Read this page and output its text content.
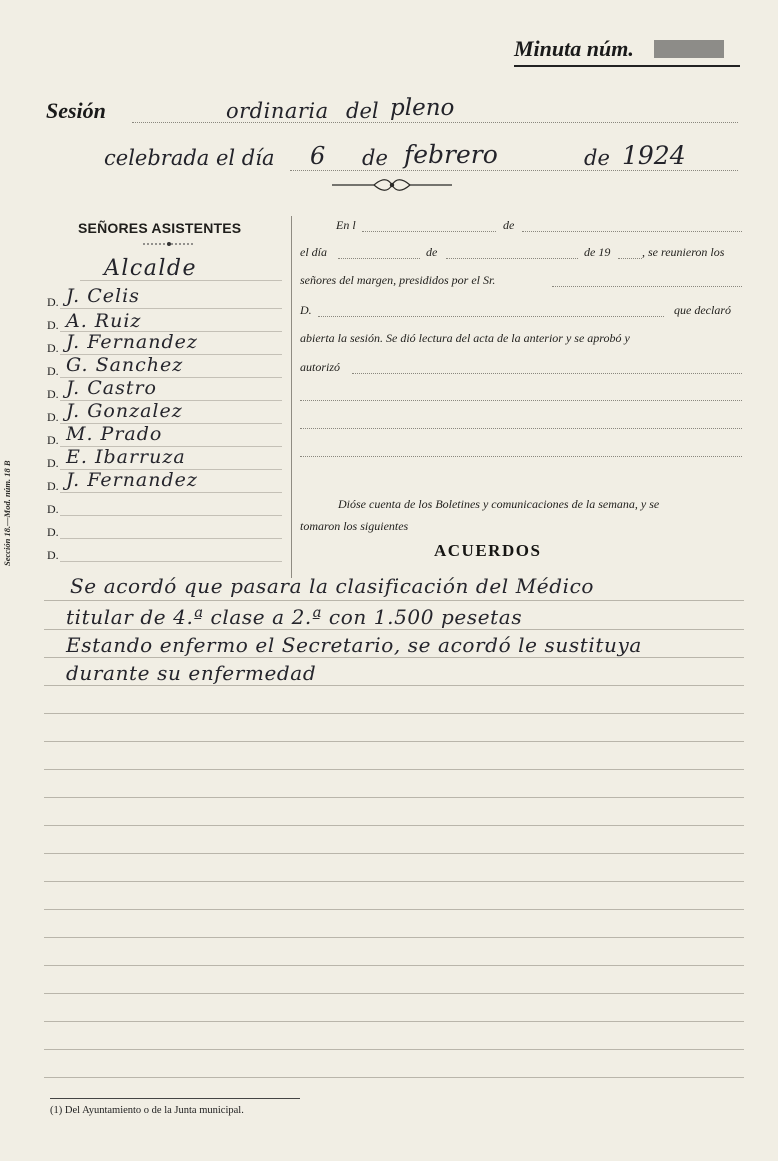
Minuta núm.
Sesión	ordinaria del pleno
celebrada el día 6 de febrero	de 1924
SEÑORES ASISTENTES
Alcalde
D. J. Celis
D. A. Ruiz
D. J. Fernandez
D. G. Sanchez
D. J. Castro
D. J. Gonzalez
D. M. Prado
D. E. Ibarruza
D. J. Fernandez
D.
D.
D.
Sección 18.—Mod. núm. 18 B
En l	de
el día	de	de 19	, se reunieron los
señores del margen, presididos por el Sr.
D.	que declaró
abierta la sesión. Se dió lectura del acta de la anterior y se aprobó y
autorizó
Dióse cuenta de los Boletines y comunicaciones de la semana, y se
tomaron los siguientes
ACUERDOS
Se acordó que pasara la clasificación del Médico
titular de 4.ª clase a 2.ª con 1.500 pesetas
Estando enfermo el Secretario, se acordó le sustituya
durante su enfermedad
(1) Del Ayuntamiento o de la Junta municipal.
